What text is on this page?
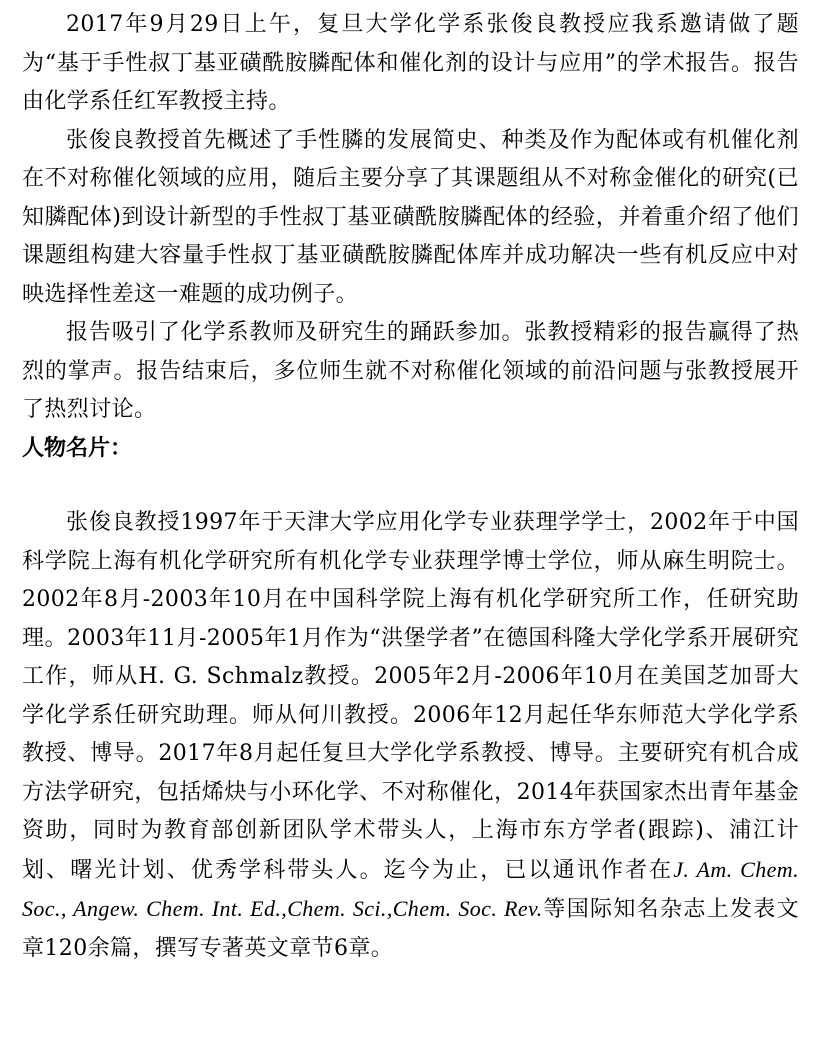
2017年9月29日上午，复旦大学化学系张俊良教授应我系邀请做了题为“基于手性叔丁基亚磺酰胺膦配体和催化剂的设计与应用”的学术报告。报告由化学系任红军教授主持。

张俊良教授首先概述了手性膦的发展简史、种类及作为配体或有机催化剂在不对称催化领域的应用，随后主要分享了其课题组从不对称金催化的研究(已知膦配体)到设计新型的手性叔丁基亚磺酰胺膦配体的经验，并着重介绍了他们课题组构建大容量手性叔丁基亚磺酰胺膦配体库并成功解决一些有机反应中对映选择性差这一难题的成功例子。

报告吸引了化学系教师及研究生的踊跃参加。张教授精彩的报告赢得了热烈的掌声。报告结束后，多位师生就不对称催化领域的前沿问题与张教授展开了热烈讨论。

人物名片：

张俊良教授1997年于天津大学应用化学专业获理学学士，2002年于中国科学院上海有机化学研究所有机化学专业获理学博士学位，师从麻生明院士。2002年8月-2003年10月在中国科学院上海有机化学研究所工作，任研究助理。2003年11月-2005年1月作为“洪堡学者”在德国科隆大学化学系开展研究工作，师从H. G. Schmalz教授。2005年2月-2006年10月在美国芝加哥大学化学系任研究助理。师从何川教授。2006年12月起任华东师范大学化学系教授、博导。2017年8月起任复旦大学化学系教授、博导。主要研究有机合成方法学研究，包括烯炔与小环化学、不对称催化，2014年获国家杰出青年基金资助，同时为教育部创新团队学术带头人，上海市东方学者(跟踪)、浦江计划、曙光计划、优秀学科带头人。迄今为止，已以通讯作者在J. Am. Chem. Soc., Angew. Chem. Int. Ed.,Chem. Sci.,Chem. Soc. Rev.等国际知名杂志上发表文章120余篇，撰写专著英文章节6章。
